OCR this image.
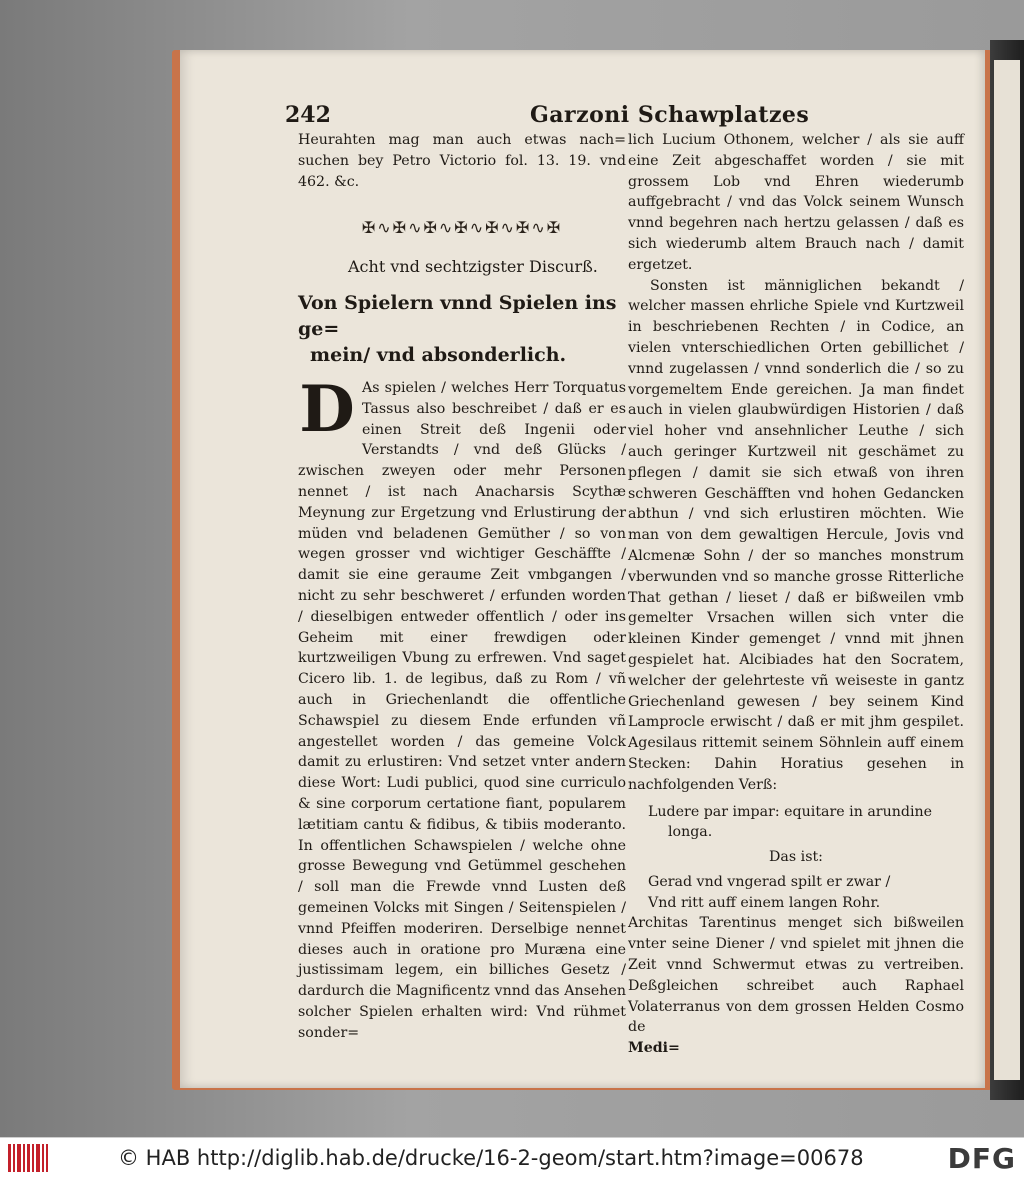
242	Garzoni Schawplatzes

Heurahten mag man auch etwas nach= suchen bey Petro Victorio fol. 13. 19. vnd 462. &c.

✠∿✠∿✠∿✠∿✠∿✠∿✠
Acht vnd sechtzigster Discurß.
Von Spielern vnnd Spielen ins ge=
mein/ vnd absonderlich.
D As spielen / welches Herr Torquatus Tassus also beschreibet / daß er es einen Streit deß Ingenii oder Verstandts / vnd deß Glücks / zwischen zweyen oder mehr Personen nennet / ist nach Anacharsis Scythæ Meynung zur Ergetzung vnd Erlustirung der müden vnd beladenen Gemüther / so von wegen grosser vnd wichtiger Geschäffte / damit sie eine geraume Zeit vmbgangen / nicht zu sehr beschweret / erfunden worden / dieselbigen entweder offentlich / oder ins Geheim mit einer frewdigen oder kurtzweiligen Vbung zu erfrewen. Vnd saget Cicero lib. 1. de legibus, daß zu Rom / vñ auch in Griechenlandt die offentliche Schawspiel zu diesem Ende erfunden vñ angestellet worden / das gemeine Volck damit zu erlustiren: Vnd setzet vnter andern diese Wort: Ludi publici, quod sine curriculo & sine corporum certatione fiant, popularem lætitiam cantu & fidibus, & tibiis moderanto. In offentlichen Schawspielen / welche ohne grosse Bewegung vnd Getümmel geschehen / soll man die Frewde vnnd Lusten deß gemeinen Volcks mit Singen / Seitenspielen / vnnd Pfeiffen moderiren. Derselbige nennet dieses auch in oratione pro Muræna eine justissimam legem, ein billiches Gesetz / dardurch die Magnificentz vnnd das Ansehen solcher Spielen erhalten wird: Vnd rühmet sonder=

lich Lucium Othonem, welcher / als sie auff eine Zeit abgeschaffet worden / sie mit grossem Lob vnd Ehren wiederumb auffgebracht / vnd das Volck seinem Wunsch vnnd begehren nach hertzu gelassen / daß es sich wiederumb altem Brauch nach / damit ergetzet.

Sonsten ist männiglichen bekandt / welcher massen ehrliche Spiele vnd Kurtzweil in beschriebenen Rechten / in Codice, an vielen vnterschiedlichen Orten gebillichet / vnnd zugelassen / vnnd sonderlich die / so zu vorgemeltem Ende gereichen. Ja man findet auch in vielen glaubwürdigen Historien / daß viel hoher vnd ansehnlicher Leuthe / sich auch geringer Kurtzweil nit geschämet zu pflegen / damit sie sich etwaß von ihren schweren Geschäfften vnd hohen Gedancken abthun / vnd sich erlustiren möchten. Wie man von dem gewaltigen Hercule, Jovis vnd Alcmenæ Sohn / der so manches monstrum vberwunden vnd so manche grosse Ritterliche That gethan / lieset / daß er bißweilen vmb gemelter Vrsachen willen sich vnter die kleinen Kinder gemenget / vnnd mit jhnen gespielet hat. Alcibiades hat den Socratem, welcher der gelehrteste vñ weiseste in gantz Griechenland gewesen / bey seinem Kind Lamprocle erwischt / daß er mit jhm gespilet. Agesilaus rittemit seinem Söhnlein auff einem Stecken: Dahin Horatius gesehen in nachfolgenden Verß:

Ludere par impar: equitare in arundine

longa.

Das ist:

Gerad vnd vngerad spilt er zwar /

Vnd ritt auff einem langen Rohr.

Architas Tarentinus menget sich bißweilen vnter seine Diener / vnd spielet mit jhnen die Zeit vnnd Schwermut etwas zu vertreiben. Deßgleichen schreibet auch Raphael Volaterranus von dem grossen Helden Cosmo de

Medi=

© HAB http://diglib.hab.de/drucke/16-2-geom/start.htm?image=00678	DFG
